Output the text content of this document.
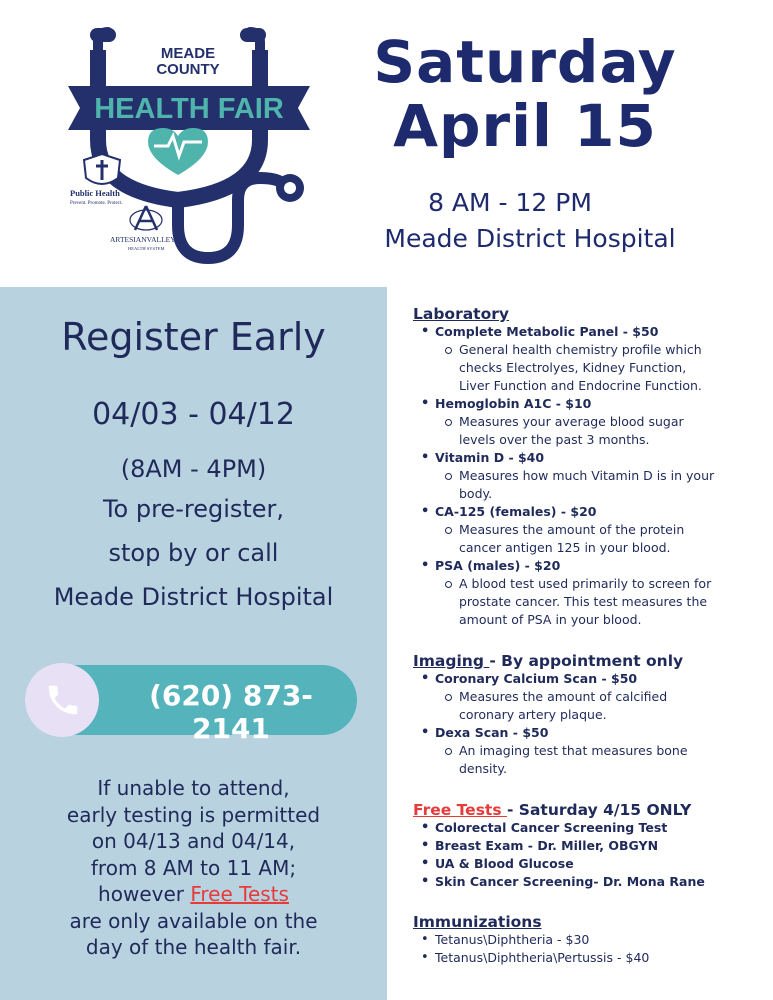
MEADE
COUNTY
HEALTH FAIR
Public Health
Prevent. Promote. Protect.
ARTESIANVALLEY
HEALTH SYSTEM
Saturday
April 15
8 AM - 12 PM
Meade District Hospital
Register Early
04/03 - 04/12
(8AM - 4PM)
To pre-register,
stop by or call
Meade District Hospital
(620) 873-2141
If unable to attend,
early testing is permitted
on 04/13 and 04/14,
from 8 AM to 11 AM;
however Free Tests
are only available on the
day of the health fair.
Laboratory
• Complete Metabolic Panel - $50
General health chemistry profile which
checks Electrolyes, Kidney Function,
Liver Function and Endocrine Function.
• Hemoglobin A1C - $10
Measures your average blood sugar
levels over the past 3 months.
• Vitamin D - $40
Measures how much Vitamin D is in your
body.
• CA-125 (females) - $20
Measures the amount of the protein
cancer antigen 125 in your blood.
• PSA (males) - $20
A blood test used primarily to screen for
prostate cancer. This test measures the
amount of PSA in your blood.
Imaging - By appointment only
• Coronary Calcium Scan - $50
Measures the amount of calcified
coronary artery plaque.
• Dexa Scan - $50
An imaging test that measures bone
density.
Free Tests - Saturday 4/15 ONLY
• Colorectal Cancer Screening Test
• Breast Exam - Dr. Miller, OBGYN
• UA & Blood Glucose
• Skin Cancer Screening- Dr. Mona Rane
Immunizations
• Tetanus\Diphtheria - $30
• Tetanus\Diphtheria\Pertussis - $40
